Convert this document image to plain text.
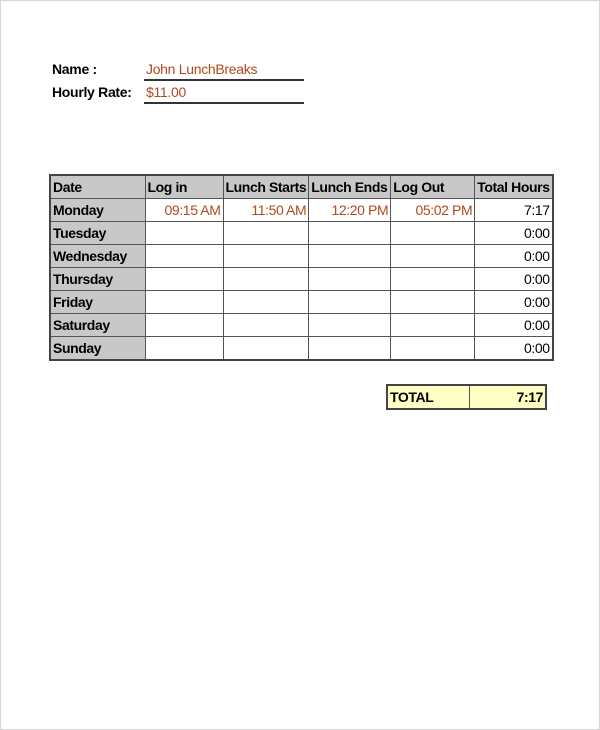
Name :	John LunchBreaks
Hourly Rate: $11.00
Date	Log in	Lunch Starts	Lunch Ends	Log Out	Total Hours
Monday	09:15 AM	11:50 AM	12:20 PM	05:02 PM	7:17
Tuesday					0:00
Wednesday					0:00
Thursday					0:00
Friday					0:00
Saturday					0:00
Sunday					0:00
TOTAL	7:17
